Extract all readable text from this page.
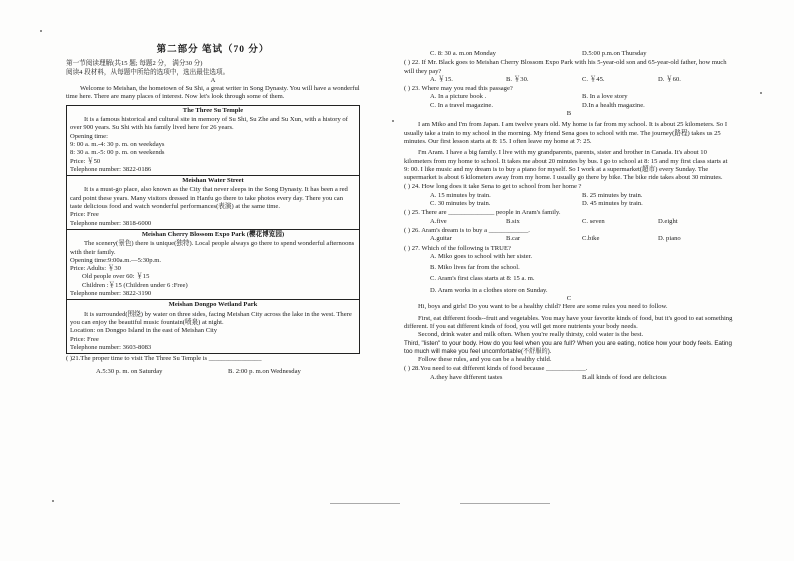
第二部分 笔试（70 分）

第一节阅读理解(共15 题; 每题2 分， 满分30 分)

阅读4 段材料，从每题中所给的选项中，选出最佳选项。

A

Welcome to Meishan, the hometown of Su Shi, a great writer in Song Dynasty. You will have a wonderful time here. There are many places of interest. Now let's look through some of them.

The Three Su Temple

It is a famous historical and cultural site in memory of Su Shi, Su Zhe and Su Xun, with a history of over 900 years. Su Shi with his family lived here for 26 years.

Opening time:

9: 00 a. m.-4: 30 p. m. on weekdays

8: 30 a. m.-5: 00 p. m. on weekends

Price: ￥50

Telephone number: 3822-0186

Meishan Water Street

It is a must-go place, also known as the City that never sleeps in the Song Dynasty. It has been a red card point these years. Many visitors dressed in Hanfu go there to take photos every day. There you can taste delicious food and watch wonderful performances(表演) at the same time.

Price: Free

Telephone number: 3818-6000

Meishan Cherry Blossom Expo Park (樱花博览园)

The scenery(景色) there is unique(独特). Local people always go there to spend wonderful afternoons with their family.

Opening time:9:00a.m.—5:30p.m.

Price: Adults: ￥30

Old people over 60: ￥15

Children :￥15 (Children under 6 :Free)

Telephone number: 3822-3190

Meishan Dongpo Wetland Park

It is surrounded(围绕) by water on three sides, facing Meishan City across the lake in the west. There you can enjoy the beautiful music fountain(喷泉) at night.

Location: on Dongpo Island in the east of Meishan City

Price: Free

Telephone number: 3603-8083

( )21.The proper time to visit The Three Su Temple is ________________
A.5:30 p. m. on Saturday	B. 2:00 p. m.on Wednesday
C. 8: 30 a. m.on Monday	D.5:00 p.m.on Thursday
( ) 22. If Mr. Black goes to Meishan Cherry Blossom Expo Park with his 5-year-old son and 65-year-old father, how much will they pay?
A. ￥15.	B. ￥30.	C. ￥45.	D. ￥60.
( ) 23. Where may you read this passage?
A. In a picture book .	B. In a love story
C. In a travel magazine.	D.In a health magazine.
B

I am Miko and I'm from Japan. I am twelve years old. My home is far from my school. It is about 25 kilometers. So I usually take a train to my school in the morning. My friend Sena goes to school with me. The journey(路程) takes us 25 minutes. Our first lesson starts at 8: 15. I often leave my home at 7: 25.

I'm Aram. I have a big family. I live with my grandparents, parents, sister and brother in Canada. It's about 10 kilometers from my home to school. It takes me about 20 minutes by bus. I go to school at 8: 15 and my first class starts at 9: 00. I like music and my dream is to buy a piano for myself. So I work at a supermarket(超市) every Sunday. The supermarket is about 6 kilometers away from my home. I usually go there by bike. The bike ride takes about 30 minutes.

( ) 24. How long does it take Sena to get to school from her home ?
A. 15 minutes by train.	B. 25 minutes by train.
C. 30 minutes by train.	D. 45 minutes by train.
( ) 25. There are ______________ people in Aram's family.
A.five	B.six	C. seven	D.eight
( ) 26. Aram's dream is to buy a ____________.
A.guitar	B.car	C.bike	D. piano
( ) 27. Which of the following is TRUE?

A. Miko goes to school with her sister.

B. Miko lives far from the school.

C. Aram's first class starts at 8: 15 a. m.

D. Aram works in a clothes store on Sunday.

C

Hi, boys and girls! Do you want to be a healthy child? Here are some rules you need to follow.

First, eat different foods--fruit and vegetables. You may have your favorite kinds of food, but it's good to eat something different. If you eat different kinds of food, you will get more nutrients your body needs.

Second, drink water and milk often. When you're really thirsty, cold water is the best.

Third, "listen" to your body. How do you feel when you are full? When you are eating, notice how your body feels. Eating too much will make you feel uncomfortable(不舒服的).

Follow these rules, and you can be a healthy child.

( ) 28.You need to eat different kinds of food because ____________.
A.they have different tastes	B.all kinds of food are delicious
